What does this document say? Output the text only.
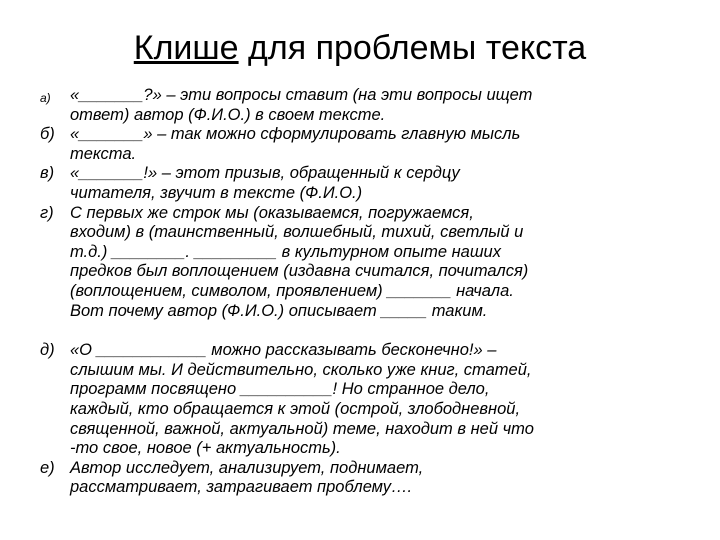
Клише для проблемы текста
а) «_______?» – эти вопросы ставит (на эти вопросы ищет
ответ) автор (Ф.И.О.) в своем тексте.
б) «_______» – так можно сформулировать главную мысль
текста.
в) «_______!» – этот призыв, обращенный к сердцу
читателя, звучит в тексте (Ф.И.О.)
г) С первых же строк мы (оказываемся, погружаемся,
входим) в (таинственный, волшебный, тихий, светлый и
т.д.) ________. _________ в культурном опыте наших
предков был воплощением (издавна считался, почитался)
(воплощением, символом, проявлением) _______ начала.
Вот почему автор (Ф.И.О.) описывает _____ таким.
д) «О ____________ можно рассказывать бесконечно!» –
слышим мы. И действительно, сколько уже книг, статей,
программ посвящено __________! Но странное дело,
каждый, кто обращается к этой (острой, злободневной,
священной, важной, актуальной) теме, находит в ней что
-то свое, новое (+ актуальность).
е) Автор исследует, анализирует, поднимает,
рассматривает, затрагивает проблему….
